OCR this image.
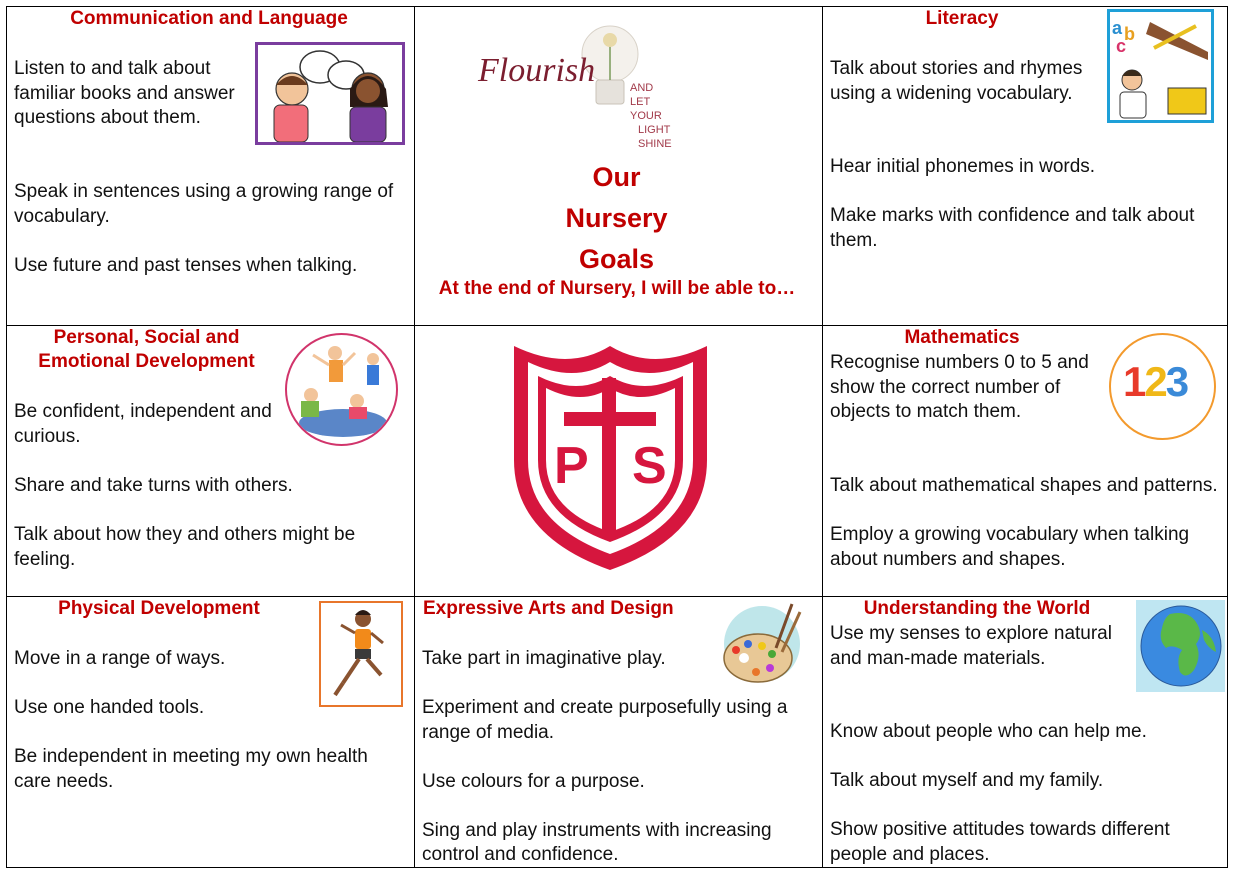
Communication and Language

Listen to and talk about familiar books and answer questions about them.

Speak in sentences using a growing range of vocabulary.

Use future and past tenses when talking.

Flourish	AND LET YOUR
LIGHT SHINE
Our
Nursery
Goals
At the end of Nursery, I will be able to…
Literacy	a b
c

Talk about stories and rhymes using a widening vocabulary.

Hear initial phonemes in words.

Make marks with confidence and talk about them.

Personal, Social and
Emotional Development

Be confident, independent and curious.

Share and take turns with others.

Talk about how they and others might be feeling.

P S
Mathematics
123

Recognise numbers 0 to 5 and show the correct number of objects to match them.

Talk about mathematical shapes and patterns.

Employ a growing vocabulary when talking about numbers and shapes.

Physical Development

Move in a range of ways.

Use one handed tools.

Be independent in meeting my own health care needs.

Expressive Arts and Design

Take part in imaginative play.

Experiment and create purposefully using a range of media.

Use colours for a purpose.

Sing and play instruments with increasing control and confidence.

Understanding the World

Use my senses to explore natural and man-made materials.

Know about people who can help me.

Talk about myself and my family.

Show positive attitudes towards different people and places.
